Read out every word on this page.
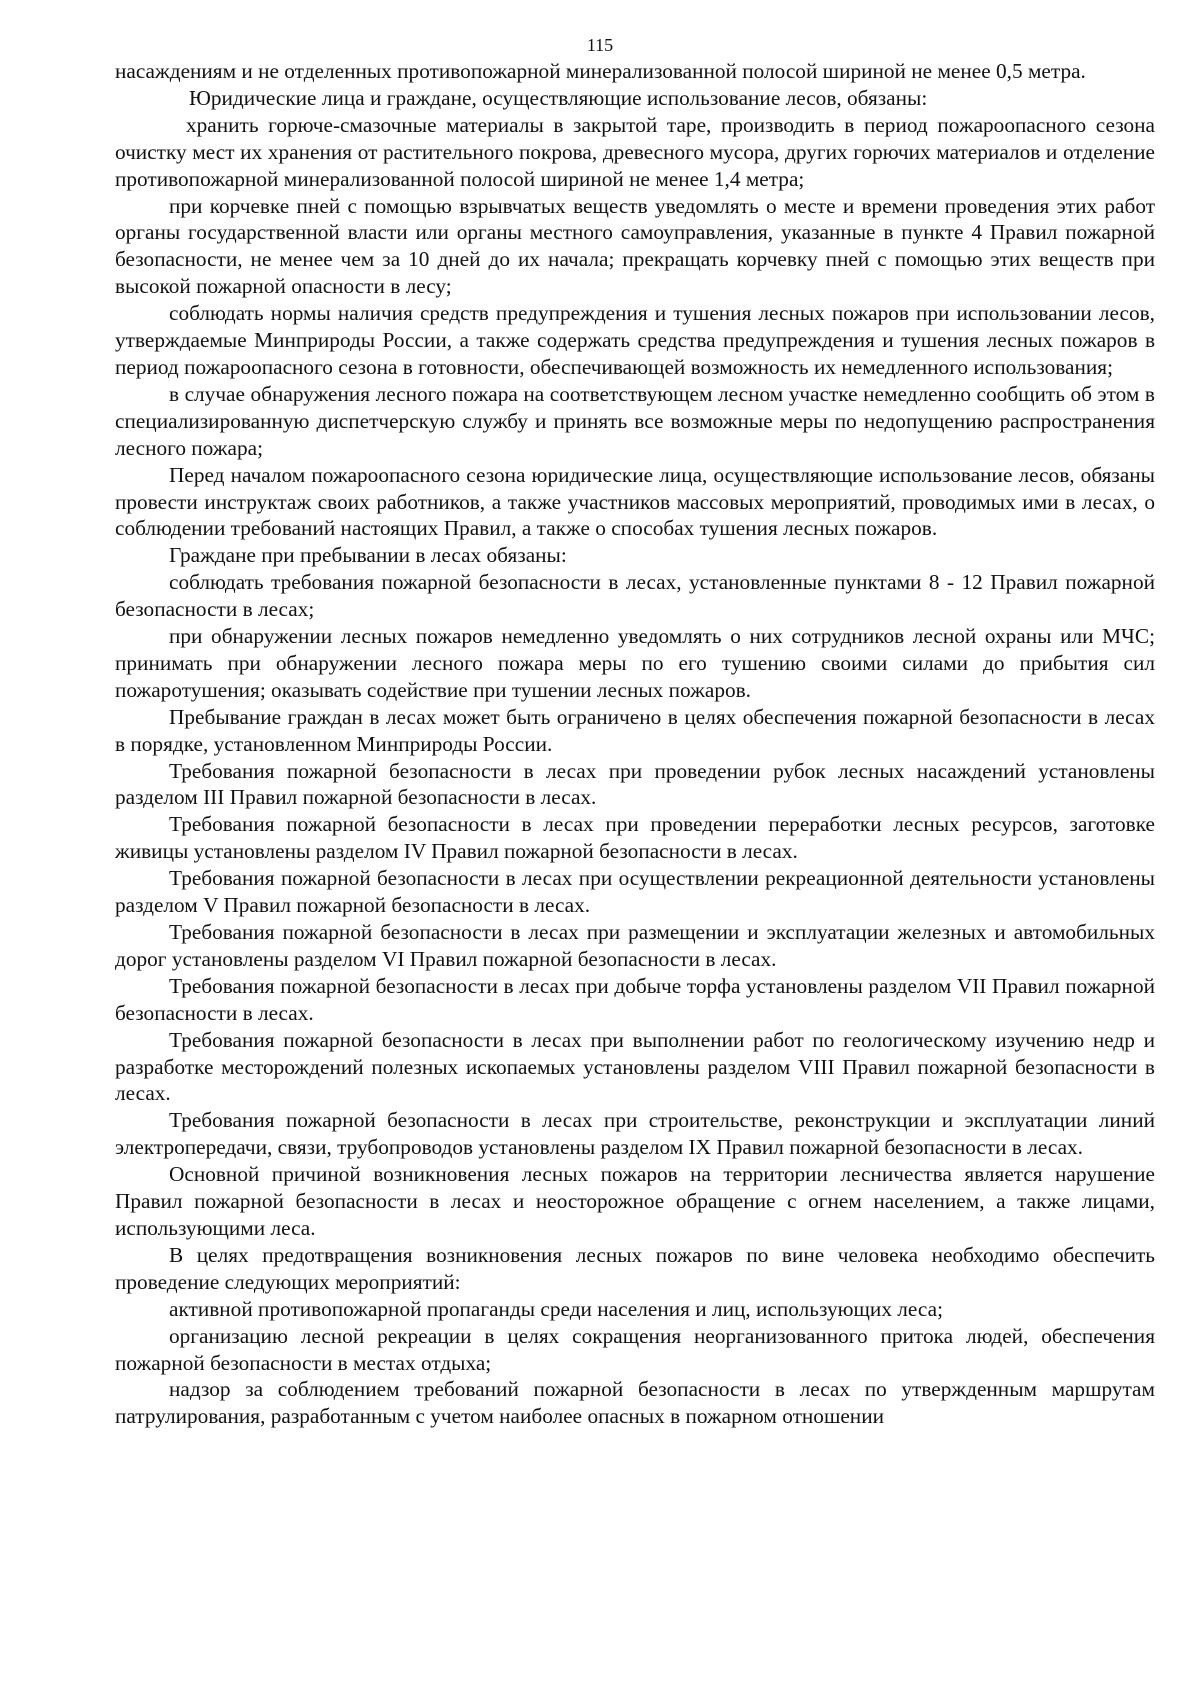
115

насаждениям и не отделенных противопожарной минерализованной полосой шириной не менее 0,5 метра.

Юридические лица и граждане, осуществляющие использование лесов, обязаны:

хранить горюче-смазочные материалы в закрытой таре, производить в период пожароопасного сезона очистку мест их хранения от растительного покрова, древесного мусора, других горючих материалов и отделение противопожарной минерализованной полосой шириной не менее 1,4 метра;

при корчевке пней с помощью взрывчатых веществ уведомлять о месте и времени проведения этих работ органы государственной власти или органы местного самоуправления, указанные в пункте 4 Правил пожарной безопасности, не менее чем за 10 дней до их начала; прекращать корчевку пней с помощью этих веществ при высокой пожарной опасности в лесу;

соблюдать нормы наличия средств предупреждения и тушения лесных пожаров при использовании лесов, утверждаемые Минприроды России, а также содержать средства предупреждения и тушения лесных пожаров в период пожароопасного сезона в готовности, обеспечивающей возможность их немедленного использования;

в случае обнаружения лесного пожара на соответствующем лесном участке немедленно сообщить об этом в специализированную диспетчерскую службу и принять все возможные меры по недопущению распространения лесного пожара;

Перед началом пожароопасного сезона юридические лица, осуществляющие использование лесов, обязаны провести инструктаж своих работников, а также участников массовых мероприятий, проводимых ими в лесах, о соблюдении требований настоящих Правил, а также о способах тушения лесных пожаров.

Граждане при пребывании в лесах обязаны:

соблюдать требования пожарной безопасности в лесах, установленные пунктами 8 - 12 Правил пожарной безопасности в лесах;

при обнаружении лесных пожаров немедленно уведомлять о них сотрудников лесной охраны или МЧС; принимать при обнаружении лесного пожара меры по его тушению своими силами до прибытия сил пожаротушения; оказывать содействие при тушении лесных пожаров.

Пребывание граждан в лесах может быть ограничено в целях обеспечения пожарной безопасности в лесах в порядке, установленном Минприроды России.

Требования пожарной безопасности в лесах при проведении рубок лесных насаждений установлены разделом III Правил пожарной безопасности в лесах.

Требования пожарной безопасности в лесах при проведении переработки лесных ресурсов, заготовке живицы установлены разделом IV Правил пожарной безопасности в лесах.

Требования пожарной безопасности в лесах при осуществлении рекреационной деятельности установлены разделом V Правил пожарной безопасности в лесах.

Требования пожарной безопасности в лесах при размещении и эксплуатации железных и автомобильных дорог установлены разделом VI Правил пожарной безопасности в лесах.

Требования пожарной безопасности в лесах при добыче торфа установлены разделом VII Правил пожарной безопасности в лесах.

Требования пожарной безопасности в лесах при выполнении работ по геологическому изучению недр и разработке месторождений полезных ископаемых установлены разделом VIII Правил пожарной безопасности в лесах.

Требования пожарной безопасности в лесах при строительстве, реконструкции и эксплуатации линий электропередачи, связи, трубопроводов установлены разделом IX Правил пожарной безопасности в лесах.

Основной причиной возникновения лесных пожаров на территории лесничества является нарушение Правил пожарной безопасности в лесах и неосторожное обращение с огнем населением, а также лицами, использующими леса.

В целях предотвращения возникновения лесных пожаров по вине человека необходимо обеспечить проведение следующих мероприятий:

активной противопожарной пропаганды среди населения и лиц, использующих леса;

организацию лесной рекреации в целях сокращения неорганизованного притока людей, обеспечения пожарной безопасности в местах отдыха;

надзор за соблюдением требований пожарной безопасности в лесах по утвержденным маршрутам патрулирования, разработанным с учетом наиболее опасных в пожарном отношении
